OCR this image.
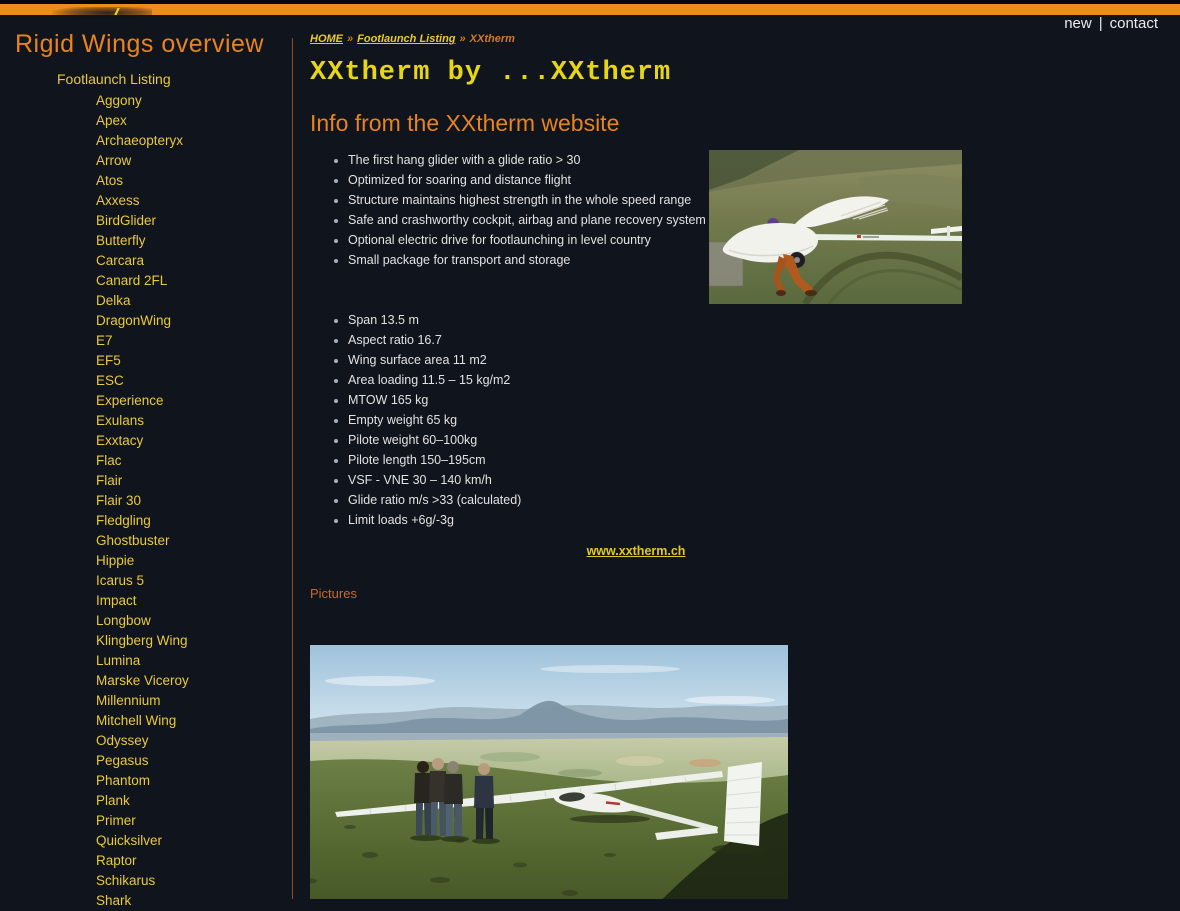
new | contact
Rigid Wings overview
Footlaunch Listing
Aggony
Apex
Archaeopteryx
Arrow
Atos
Axxess
BirdGlider
Butterfly
Carcara
Canard 2FL
Delka
DragonWing
E7
EF5
ESC
Experience
Exulans
Exxtacy
Flac
Flair
Flair 30
Fledgling
Ghostbuster
Hippie
Icarus 5
Impact
Longbow
Klingberg Wing
Lumina
Marske Viceroy
Millennium
Mitchell Wing
Odyssey
Pegasus
Phantom
Plank
Primer
Quicksilver
Raptor
Schikarus
Shark
HOME » Footlaunch Listing » XXtherm
XXtherm by ...XXtherm
Info from the XXtherm website
• The first hang glider with a glide ratio > 30
• Optimized for soaring and distance flight
• Structure maintains highest strength in the whole speed range
• Safe and crashworthy cockpit, airbag and plane recovery system
• Optional electric drive for footlaunching in level country
• Small package for transport and storage
• Span 13.5 m
• Aspect ratio 16.7
• Wing surface area 11 m2
• Area loading 11.5 – 15 kg/m2
• MTOW 165 kg
• Empty weight 65 kg
• Pilote weight 60–100kg
• Pilote length 150–195cm
• VSF - VNE 30 – 140 km/h
• Glide ratio m/s >33 (calculated)
• Limit loads +6g/-3g
www.xxtherm.ch
Pictures
